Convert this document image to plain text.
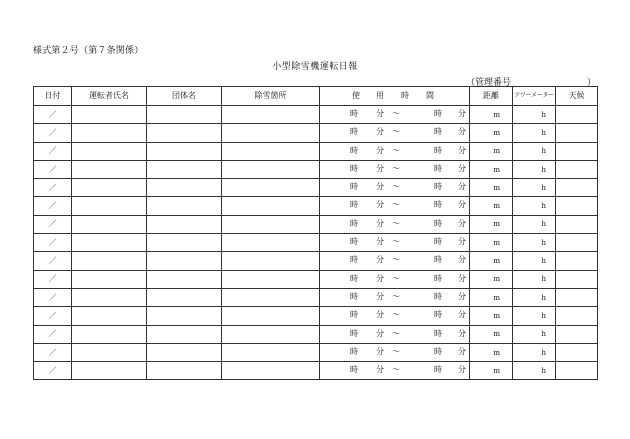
様式第２号（第７条関係）
小型除雪機運転日報
（管理番号	）
日付	運転者氏名	団体名	除雪箇所	使 用 時 間	距離	アワーメーター	天候
／				時 分 〜 時 分	m	h	
／				時 分 〜 時 分	m	h	
／				時 分 〜 時 分	m	h	
／				時 分 〜 時 分	m	h	
／				時 分 〜 時 分	m	h	
／				時 分 〜 時 分	m	h	
／				時 分 〜 時 分	m	h	
／				時 分 〜 時 分	m	h	
／				時 分 〜 時 分	m	h	
／				時 分 〜 時 分	m	h	
／				時 分 〜 時 分	m	h	
／				時 分 〜 時 分	m	h	
／				時 分 〜 時 分	m	h	
／				時 分 〜 時 分	m	h	
／				時 分 〜 時 分	m	h	
